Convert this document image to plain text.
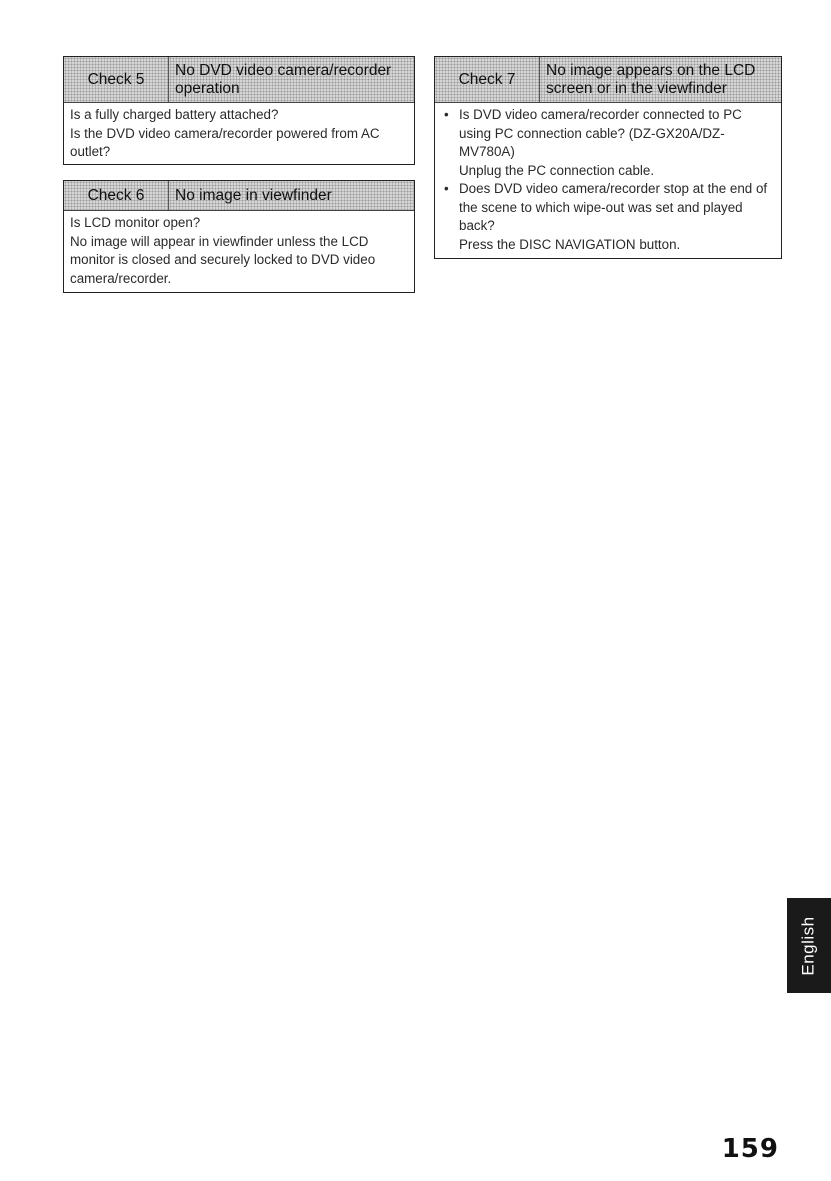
Check 5
No DVD video camera/recorder operation

Is a fully charged battery attached?

Is the DVD video camera/recorder powered from AC outlet?

Check 6	No image in viewfinder

Is LCD monitor open?

No image will appear in viewfinder unless the LCD monitor is closed and securely locked to DVD video camera/recorder.

Check 7
No image appears on the LCD screen or in the viewfinder

• Is DVD video camera/recorder connected to PC using PC connection cable? (DZ-GX20A/DZ-MV780A)

Unplug the PC connection cable.

• Does DVD video camera/recorder stop at the end of the scene to which wipe-out was set and played back?

Press the DISC NAVIGATION button.

English
159
